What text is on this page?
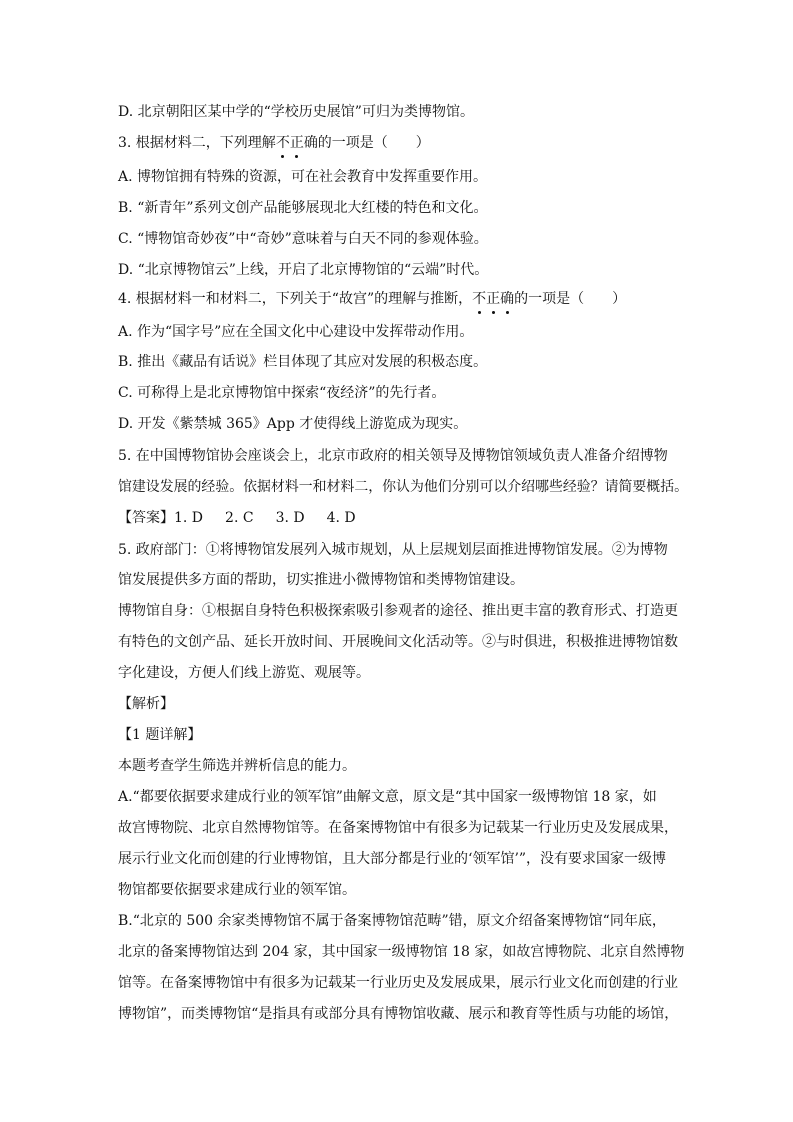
D. 北京朝阳区某中学的“学校历史展馆”可归为类博物馆。
3. 根据材料二，下列理解不正确的一项是（　　）
A. 博物馆拥有特殊的资源，可在社会教育中发挥重要作用。
B. “新青年”系列文创产品能够展现北大红楼的特色和文化。
C. “博物馆奇妙夜”中“奇妙”意味着与白天不同的参观体验。
D. “北京博物馆云”上线，开启了北京博物馆的“云端”时代。
4. 根据材料一和材料二，下列关于“故宫”的理解与推断，不正确的一项是（　　）
A. 作为“国字号”应在全国文化中心建设中发挥带动作用。
B. 推出《藏品有话说》栏目体现了其应对发展的积极态度。
C. 可称得上是北京博物馆中探索“夜经济”的先行者。
D. 开发《紫禁城 365》App 才使得线上游览成为现实。
5. 在中国博物馆协会座谈会上，北京市政府的相关领导及博物馆领域负责人准备介绍博物
馆建设发展的经验。依据材料一和材料二，你认为他们分别可以介绍哪些经验？请简要概括。
【答案】1. D 2. C 3. D 4. D
5. 政府部门：①将博物馆发展列入城市规划，从上层规划层面推进博物馆发展。②为博物
馆发展提供多方面的帮助，切实推进小微博物馆和类博物馆建设。
博物馆自身：①根据自身特色积极探索吸引参观者的途径、推出更丰富的教育形式、打造更
有特色的文创产品、延长开放时间、开展晚间文化活动等。②与时俱进，积极推进博物馆数
字化建设，方便人们线上游览、观展等。
【解析】
【1 题详解】
本题考查学生筛选并辨析信息的能力。
A.“都要依据要求建成行业的领军馆”曲解文意，原文是“其中国家一级博物馆 18 家，如
故宫博物院、北京自然博物馆等。在备案博物馆中有很多为记载某一行业历史及发展成果，
展示行业文化而创建的行业博物馆，且大部分都是行业的‘领军馆’”，没有要求国家一级博
物馆都要依据要求建成行业的领军馆。
B.“北京的 500 余家类博物馆不属于备案博物馆范畴”错，原文介绍备案博物馆“同年底，
北京的备案博物馆达到 204 家，其中国家一级博物馆 18 家，如故宫博物院、北京自然博物
馆等。在备案博物馆中有很多为记载某一行业历史及发展成果，展示行业文化而创建的行业
博物馆”，而类博物馆“是指具有或部分具有博物馆收藏、展示和教育等性质与功能的场馆，
